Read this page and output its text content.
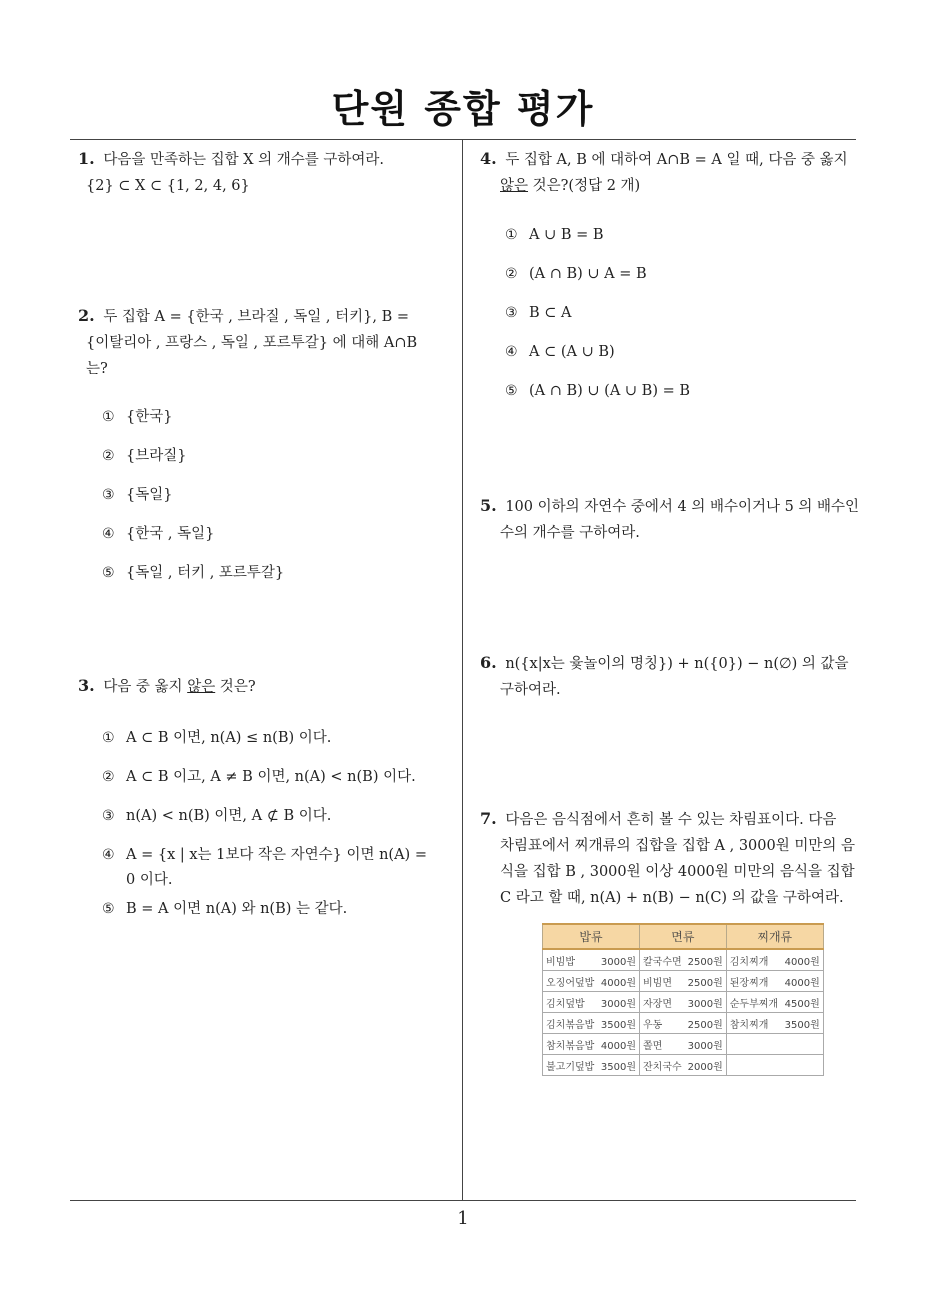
단원 종합 평가
1
1. 다음을 만족하는 집합 X 의 개수를 구하여라.
{2} ⊂ X ⊂ {1, 2, 4, 6}
2. 두 집합 A = {한국 , 브라질 , 독일 , 터키}, B =
{이탈리아 , 프랑스 , 독일 , 포르투갈} 에 대해 A∩B
는?
① {한국}
② {브라질}
③ {독일}
④ {한국 , 독일}
⑤ {독일 , 터키 , 포르투갈}
3. 다음 중 옳지 않은 것은?
① A ⊂ B 이면, n(A) ≤ n(B) 이다.
② A ⊂ B 이고, A ≠ B 이면, n(A) < n(B) 이다.
③ n(A) < n(B) 이면, A ⊄ B 이다.
④ A = {x | x는 1보다 작은 자연수} 이면 n(A) =
0 이다.
⑤ B = A 이면 n(A) 와 n(B) 는 같다.
4. 두 집합 A, B 에 대하여 A∩B = A 일 때, 다음 중 옳지
않은 것은?(정답 2 개)
① A ∪ B = B
② (A ∩ B) ∪ A = B
③ B ⊂ A
④ A ⊂ (A ∪ B)
⑤ (A ∩ B) ∪ (A ∪ B) = B
5. 100 이하의 자연수 중에서 4 의 배수이거나 5 의 배수인
수의 개수를 구하여라.
6. n({x|x는 윷놀이의 명칭}) + n({0}) − n(∅) 의 값을
구하여라.
7. 다음은 음식점에서 흔히 볼 수 있는 차림표이다. 다음
차림표에서 찌개류의 집합을 집합 A , 3000원 미만의 음
식을 집합 B , 3000원 이상 4000원 미만의 음식을 집합
C 라고 할 때, n(A) + n(B) − n(C) 의 값을 구하여라.
밥류		면류		찌개류	
비빔밥	3000원	칼국수면	2500원	김치찌개	4000원
오징어덮밥	4000원	비빔면	2500원	된장찌개	4000원
김치덮밥	3000원	자장면	3000원	순두부찌개	4500원
김치볶음밥	3500원	우동	2500원	참치찌개	3500원
참치볶음밥	4000원	쫄면	3000원		
불고기덮밥	3500원	잔치국수	2000원		
